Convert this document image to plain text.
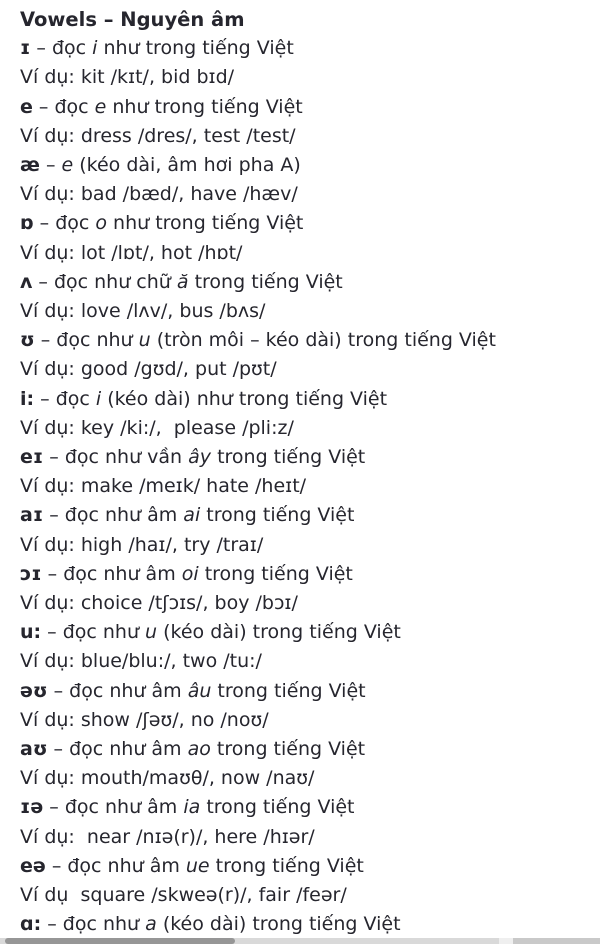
Vowels – Nguyên âm
ɪ – đọc i như trong tiếng Việt
Ví dụ: kit /kɪt/, bid bɪd/
e – đọc e như trong tiếng Việt
Ví dụ: dress /dres/, test /test/
æ – e (kéo dài, âm hơi pha A)
Ví dụ: bad /bæd/, have /hæv/
ɒ – đọc o như trong tiếng Việt
Ví dụ: lot /lɒt/, hot /hɒt/
ʌ – đọc như chữ ă trong tiếng Việt
Ví dụ: love /lʌv/, bus /bʌs/
ʊ – đọc như u (tròn môi – kéo dài) trong tiếng Việt
Ví dụ: good /gʊd/, put /pʊt/
i: – đọc i (kéo dài) như trong tiếng Việt
Ví dụ: key /ki:/,  please /pli:z/
eɪ – đọc như vần ây trong tiếng Việt
Ví dụ: make /meɪk/ hate /heɪt/
aɪ – đọc như âm ai trong tiếng Việt
Ví dụ: high /haɪ/, try /traɪ/
ɔɪ – đọc như âm oi trong tiếng Việt
Ví dụ: choice /tʃɔɪs/, boy /bɔɪ/
u: – đọc như u (kéo dài) trong tiếng Việt
Ví dụ: blue/blu:/, two /tu:/
əʊ – đọc như âm âu trong tiếng Việt
Ví dụ: show /ʃəʊ/, no /noʊ/
aʊ – đọc như âm ao trong tiếng Việt
Ví dụ: mouth/maʊθ/, now /naʊ/
ɪə – đọc như âm ia trong tiếng Việt
Ví dụ:  near /nɪə(r)/, here /hɪər/
eə – đọc như âm ue trong tiếng Việt
Ví dụ  square /skweə(r)/, fair /feər/
ɑ: – đọc như a (kéo dài) trong tiếng Việt
